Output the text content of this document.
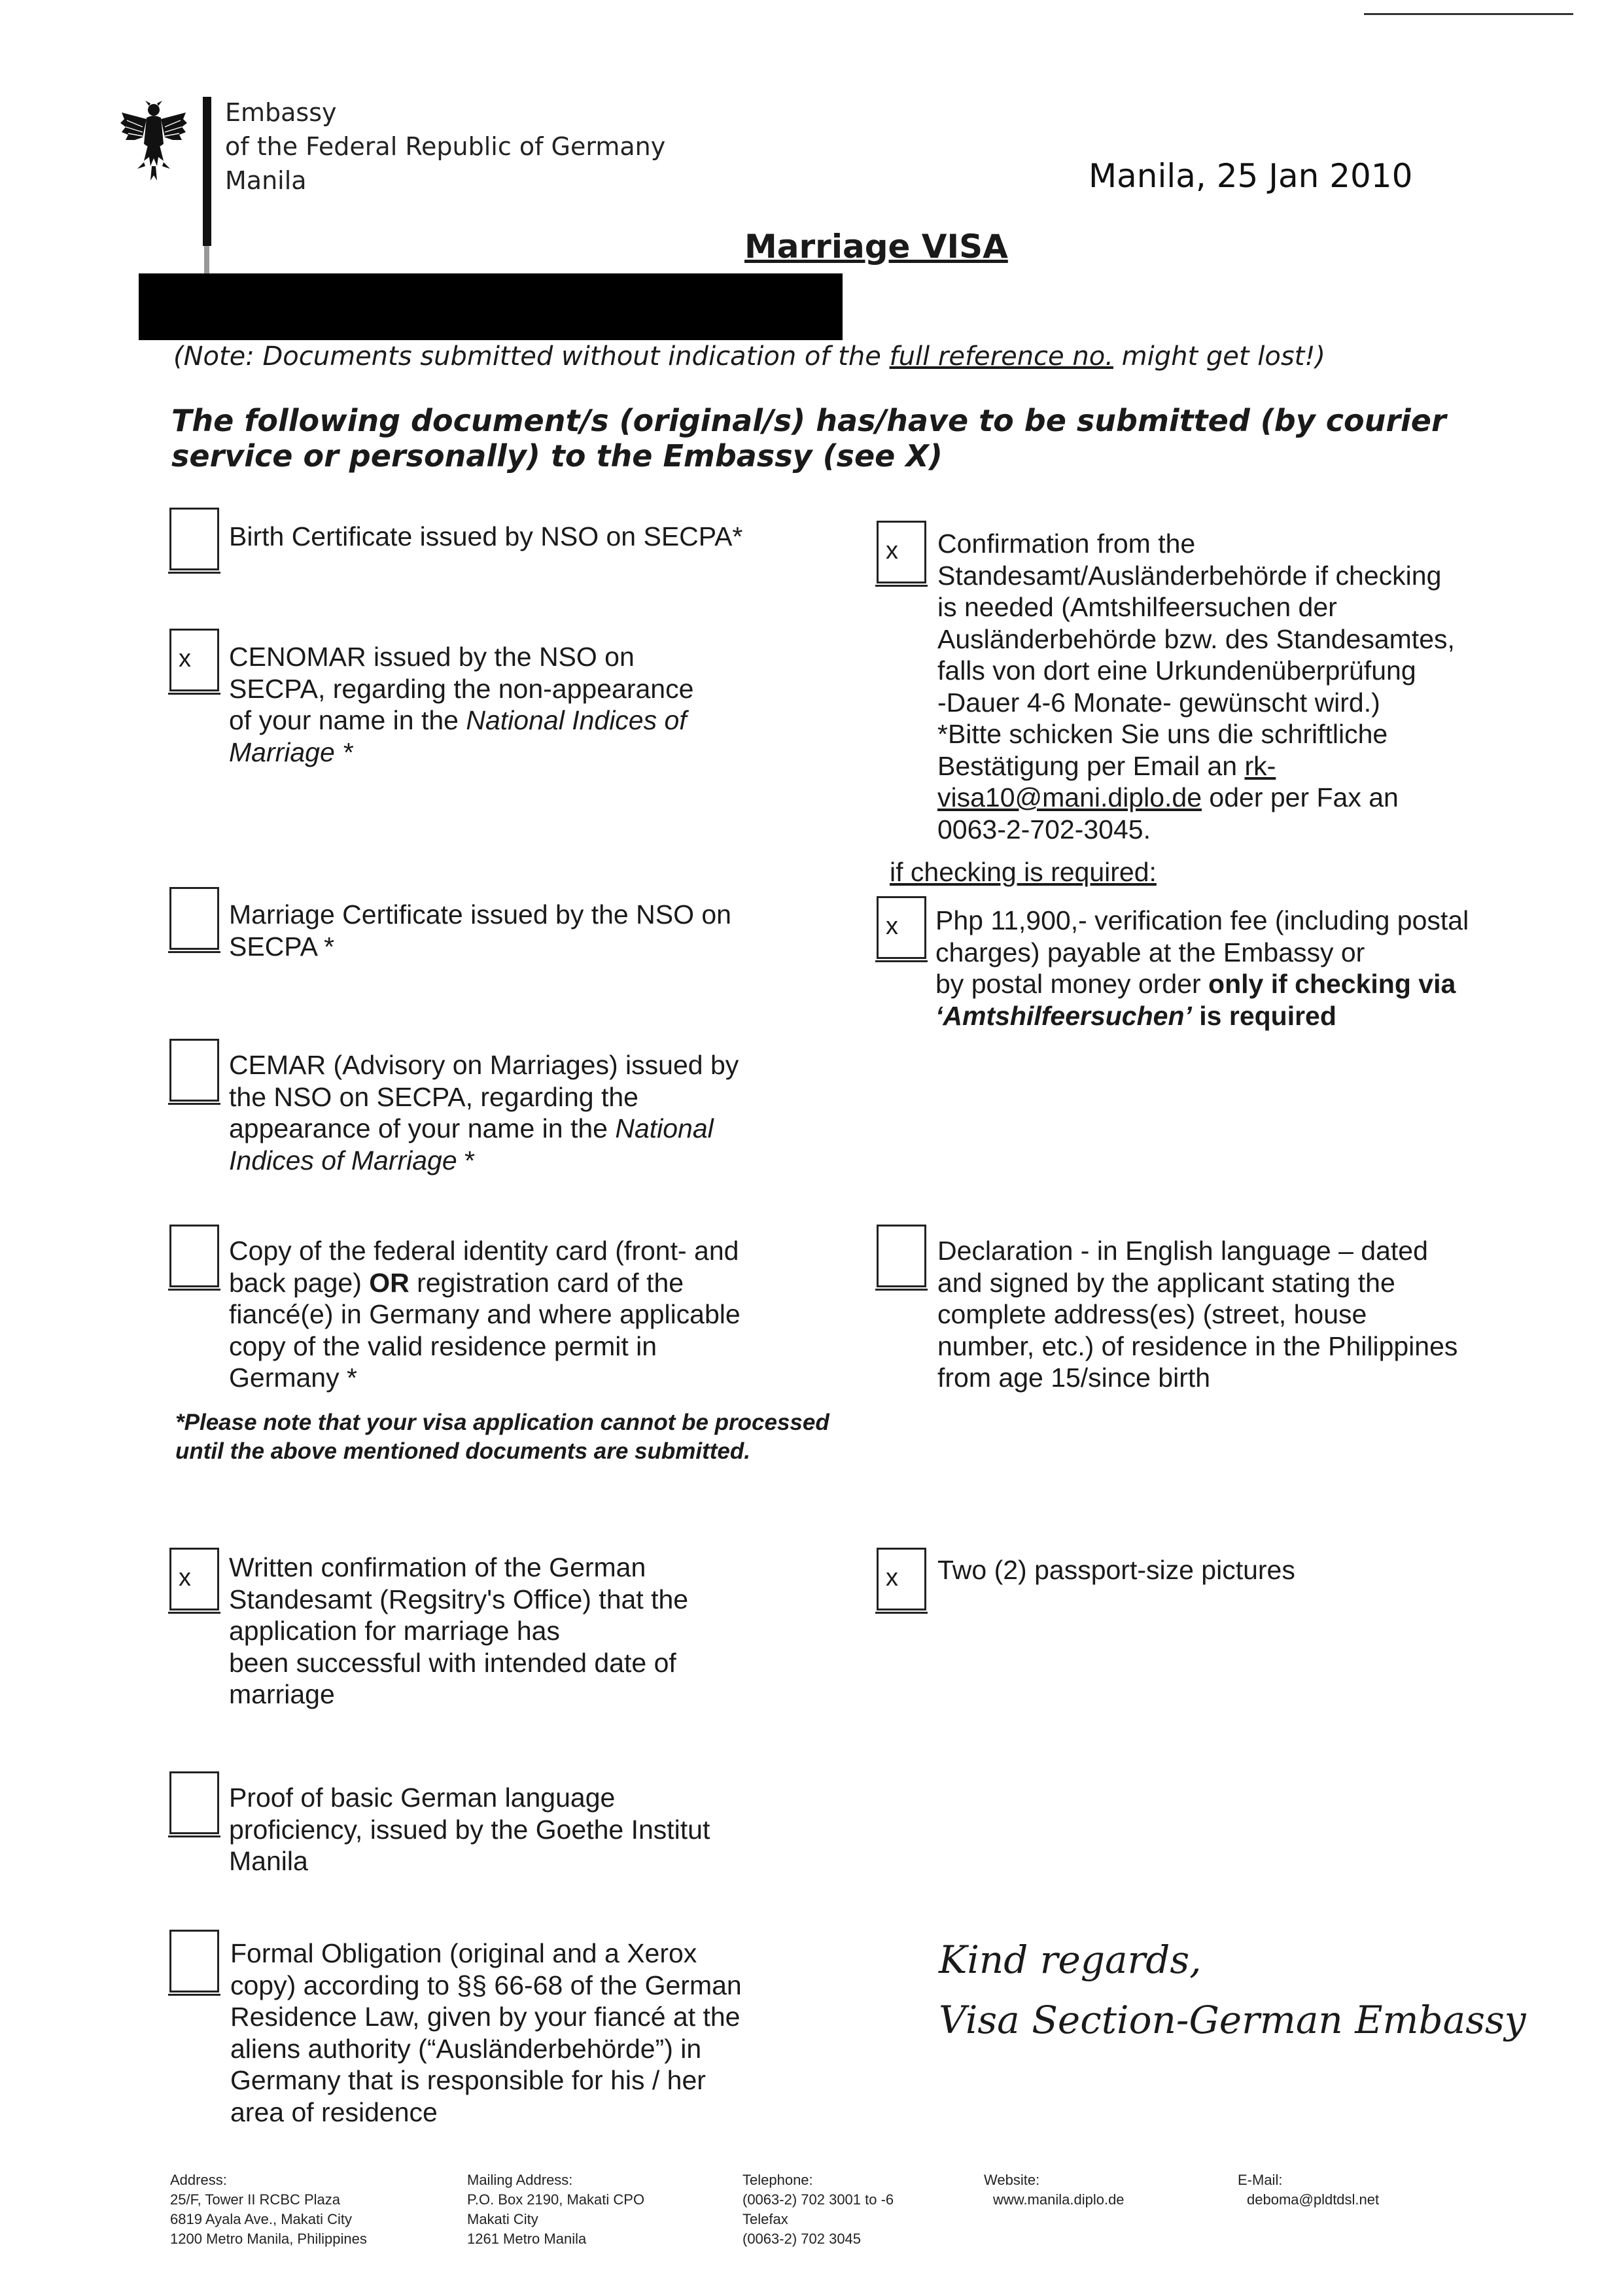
Embassy
of the Federal Republic of Germany
Manila	Manila, 25 Jan 2010
Marriage VISA
(Note: Documents submitted without indication of the full reference no. might get lost!)
The following document/s (original/s) has/have to be submitted (by courier service or personally) to the Embassy (see X)
Birth Certificate issued by NSO on SECPA*
x CENOMAR issued by the NSO on
SECPA, regarding the non-appearance
of your name in the National Indices of
Marriage *
Marriage Certificate issued by the NSO on
SECPA *
CEMAR (Advisory on Marriages) issued by
the NSO on SECPA, regarding the
appearance of your name in the National
Indices of Marriage *
Copy of the federal identity card (front- and
back page) OR registration card of the
fiancé(e) in Germany and where applicable
copy of the valid residence permit in
Germany *
*Please note that your visa application cannot be processed until the above mentioned documents are submitted.
x Written confirmation of the German
Standesamt (Regsitry's Office) that the
application for marriage has
been successful with intended date of
marriage
Proof of basic German language
proficiency, issued by the Goethe Institut
Manila
Formal Obligation (original and a Xerox
copy) according to §§ 66-68 of the German
Residence Law, given by your fiancé at the
aliens authority (“Ausländerbehörde”) in
Germany that is responsible for his / her
area of residence
x Confirmation from the
Standesamt/Ausländerbehörde if checking
is needed (Amtshilfeersuchen der
Ausländerbehörde bzw. des Standesamtes,
falls von dort eine Urkundenüberprüfung
-Dauer 4-6 Monate- gewünscht wird.)
*Bitte schicken Sie uns die schriftliche
Bestätigung per Email an rk-
visa10@mani.diplo.de oder per Fax an
0063-2-702-3045.
if checking is required:
x Php 11,900,- verification fee (including postal
charges) payable at the Embassy or
by postal money order only if checking via
‘Amtshilfeersuchen’ is required
Declaration - in English language – dated
and signed by the applicant stating the
complete address(es) (street, house
number, etc.) of residence in the Philippines
from age 15/since birth
x Two (2) passport-size pictures
Kind regards,
Visa Section-German Embassy
Address:
25/F, Tower II RCBC Plaza
6819 Ayala Ave., Makati City
1200 Metro Manila, Philippines
Mailing Address:
P.O. Box 2190, Makati CPO
Makati City
1261 Metro Manila
Telephone:
(0063-2) 702 3001 to -6
Telefax
(0063-2) 702 3045
Website:
www.manila.diplo.de
E-Mail:
deboma@pldtdsl.net
